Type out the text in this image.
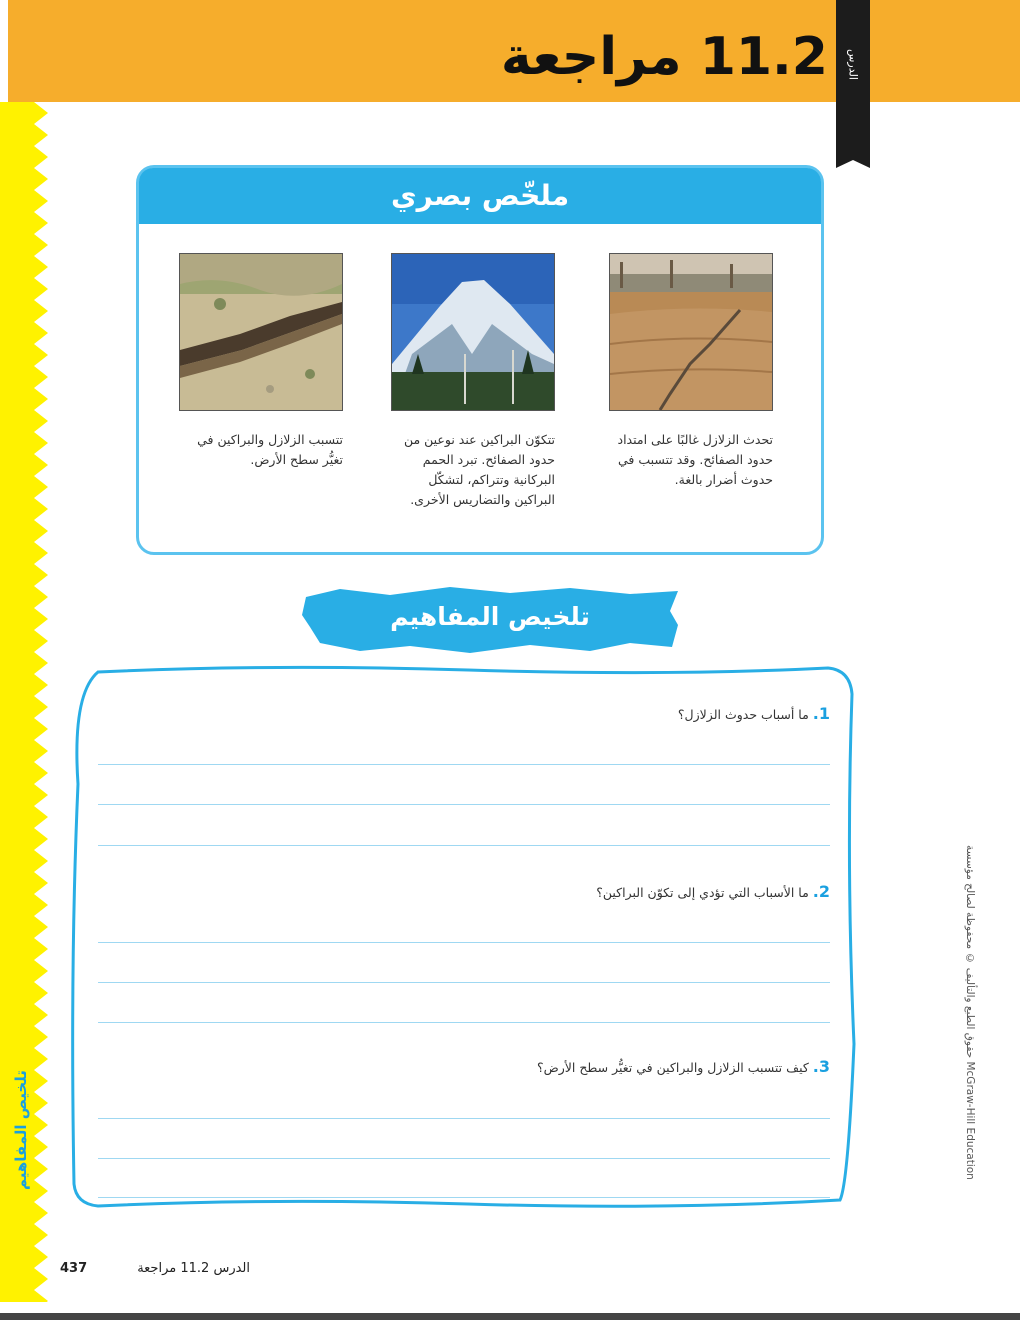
11.2 مراجعة	الدرس
تلخيص المفاهيم
ملخّص بصري
تحدث الزلازل غالبًا على امتداد حدود الصفائح. وقد تتسبب في حدوث أضرار بالغة.
تتكوّن البراكين عند نوعين من حدود الصفائح. تبرد الحمم البركانية وتتراكم، لتشكّل البراكين والتضاريس الأخرى.
تتسبب الزلازل والبراكين في تغيُّر سطح الأرض.
تلخيص المفاهيم
1. ما أسباب حدوث الزلازل؟
2. ما الأسباب التي تؤدي إلى تكوّن البراكين؟
3. كيف تتسبب الزلازل والبراكين في تغيُّر سطح الأرض؟
حقوق الطبع والتأليف © محفوظة لصالح مؤسسة McGraw-Hill Education
437	الدرس 11.2 مراجعة
